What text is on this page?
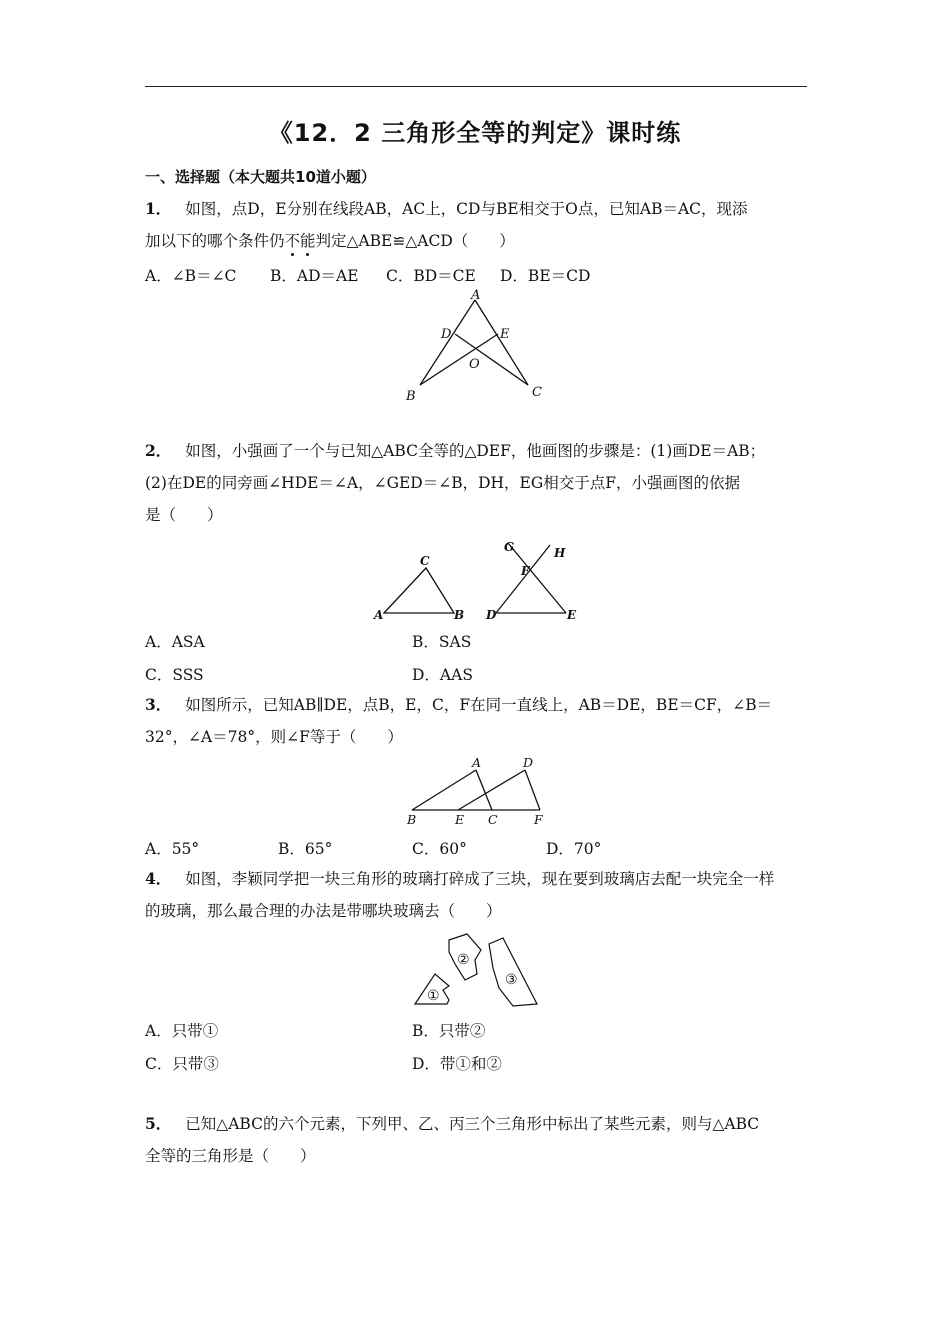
《12．2 三角形全等的判定》课时练
一、选择题（本大题共10道小题）
1． 如图，点D，E分别在线段AB，AC上，CD与BE相交于O点，已知AB＝AC，现添
加以下的哪个条件仍不能判定△ABE≌△ACD（　　）
A．∠B＝∠C B．AD＝AE C．BD＝CE D．BE＝CD
A
D	E
O
B	C
2． 如图，小强画了一个与已知△ABC全等的△DEF，他画图的步骤是：(1)画DE＝AB；
(2)在DE的同旁画∠HDE＝∠A，∠GED＝∠B，DH，EG相交于点F，小强画图的依据
是（　　）
C
A	B
G	H
F
D	E
A．ASA	B．SAS
C．SSS	D．AAS
3． 如图所示，已知AB∥DE，点B，E，C，F在同一直线上，AB＝DE，BE＝CF，∠B＝
32°，∠A＝78°，则∠F等于（　　）
A	D
B	E C	F
A．55°	B．65°	C．60°	D．70°
4． 如图，李颖同学把一块三角形的玻璃打碎成了三块，现在要到玻璃店去配一块完全一样
的玻璃，那么最合理的办法是带哪块玻璃去（　　）
①
②
③
A．只带①	B．只带②
C．只带③	D．带①和②
5． 已知△ABC的六个元素，下列甲、乙、丙三个三角形中标出了某些元素，则与△ABC
全等的三角形是（　　）
